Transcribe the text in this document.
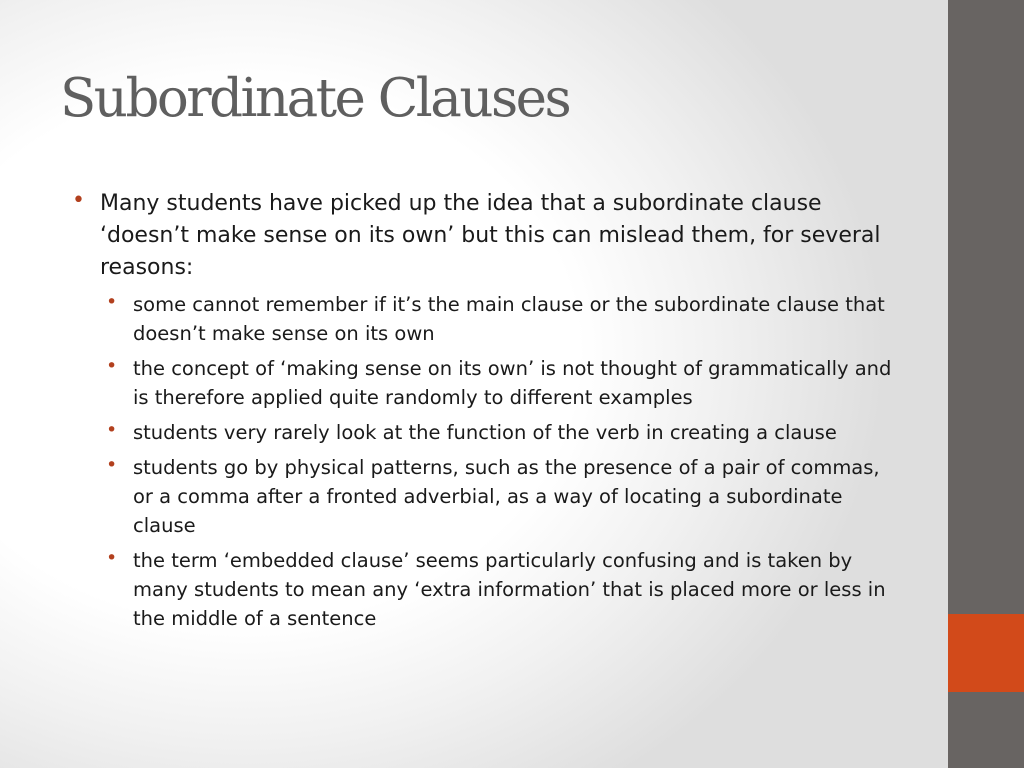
Subordinate Clauses
• Many students have picked up the idea that a subordinate clause ‘doesn’t make sense on its own’ but this can mislead them, for several reasons:
• some cannot remember if it’s the main clause or the subordinate clause that doesn’t make sense on its own
• the concept of ‘making sense on its own’ is not thought of grammatically and is therefore applied quite randomly to different examples
• students very rarely look at the function of the verb in creating a clause
• students go by physical patterns, such as the presence of a pair of commas, or a comma after a fronted adverbial, as a way of locating a subordinate clause
• the term ‘embedded clause’ seems particularly confusing and is taken by many students to mean any ‘extra information’ that is placed more or less in the middle of a sentence
